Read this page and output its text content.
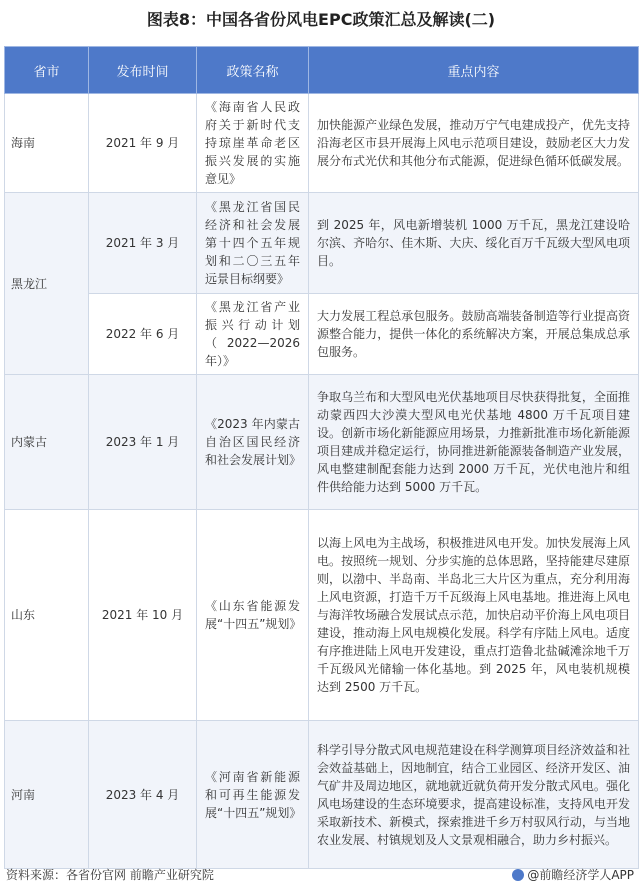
图表8：中国各省份风电EPC政策汇总及解读(二)
省市	发布时间	政策名称	重点内容
海南	2021 年 9 月	《海南省人民政府关于新时代支持琼崖革命老区振兴发展的实施意见》	加快能源产业绿色发展，推动万宁气电建成投产，优先支持沿海老区市县开展海上风电示范项目建设，鼓励老区大力发展分布式光伏和其他分布式能源，促进绿色循环低碳发展。
黑龙江	2021 年 3 月	《黑龙江省国民经济和社会发展第十四个五年规划和二〇三五年远景目标纲要》	到 2025 年，风电新增装机 1000 万千瓦，黑龙江建设哈尔滨、齐哈尔、佳木斯、大庆、绥化百万千瓦级大型风电项目。
	2022 年 6 月	《黑龙江省产业振兴行动计划（2022—2026年）》	大力发展工程总承包服务。鼓励高端装备制造等行业提高资源整合能力，提供一体化的系统解决方案，开展总集成总承包服务。
内蒙古	2023 年 1 月	《2023 年内蒙古自治区国民经济和社会发展计划》	争取乌兰布和大型风电光伏基地项目尽快获得批复，全面推动蒙西四大沙漠大型风电光伏基地 4800 万千瓦项目建设。创新市场化新能源应用场景，力推新批准市场化新能源项目建成并稳定运行，协同推进新能源装备制造产业发展，风电整建制配套能力达到 2000 万千瓦，光伏电池片和组件供给能力达到 5000 万千瓦。
山东	2021 年 10 月	《山东省能源发展“十四五”规划》	以海上风电为主战场，积极推进风电开发。加快发展海上风电。按照统一规划、分步实施的总体思路，坚持能建尽建原则，以渤中、半岛南、半岛北三大片区为重点，充分利用海上风电资源，打造千万千瓦级海上风电基地。推进海上风电与海洋牧场融合发展试点示范，加快启动平价海上风电项目建设，推动海上风电规模化发展。科学有序陆上风电。适度有序推进陆上风电开发建设，重点打造鲁北盐碱滩涂地千万千瓦级风光储输一体化基地。到 2025 年，风电装机规模达到 2500 万千瓦。
河南	2023 年 4 月	《河南省新能源和可再生能源发展“十四五”规划》	科学引导分散式风电规范建设在科学测算项目经济效益和社会效益基础上，因地制宜，结合工业园区、经济开发区、油气矿井及周边地区，就地就近就负荷开发分散式风电。强化风电场建设的生态环境要求，提高建设标准，支持风电开发采取新技术、新模式，探索推进千乡万村驭风行动，与当地农业发展、村镇规划及人文景观相融合，助力乡村振兴。
资料来源：各省份官网 前瞻产业研究院	@前瞻经济学人APP
